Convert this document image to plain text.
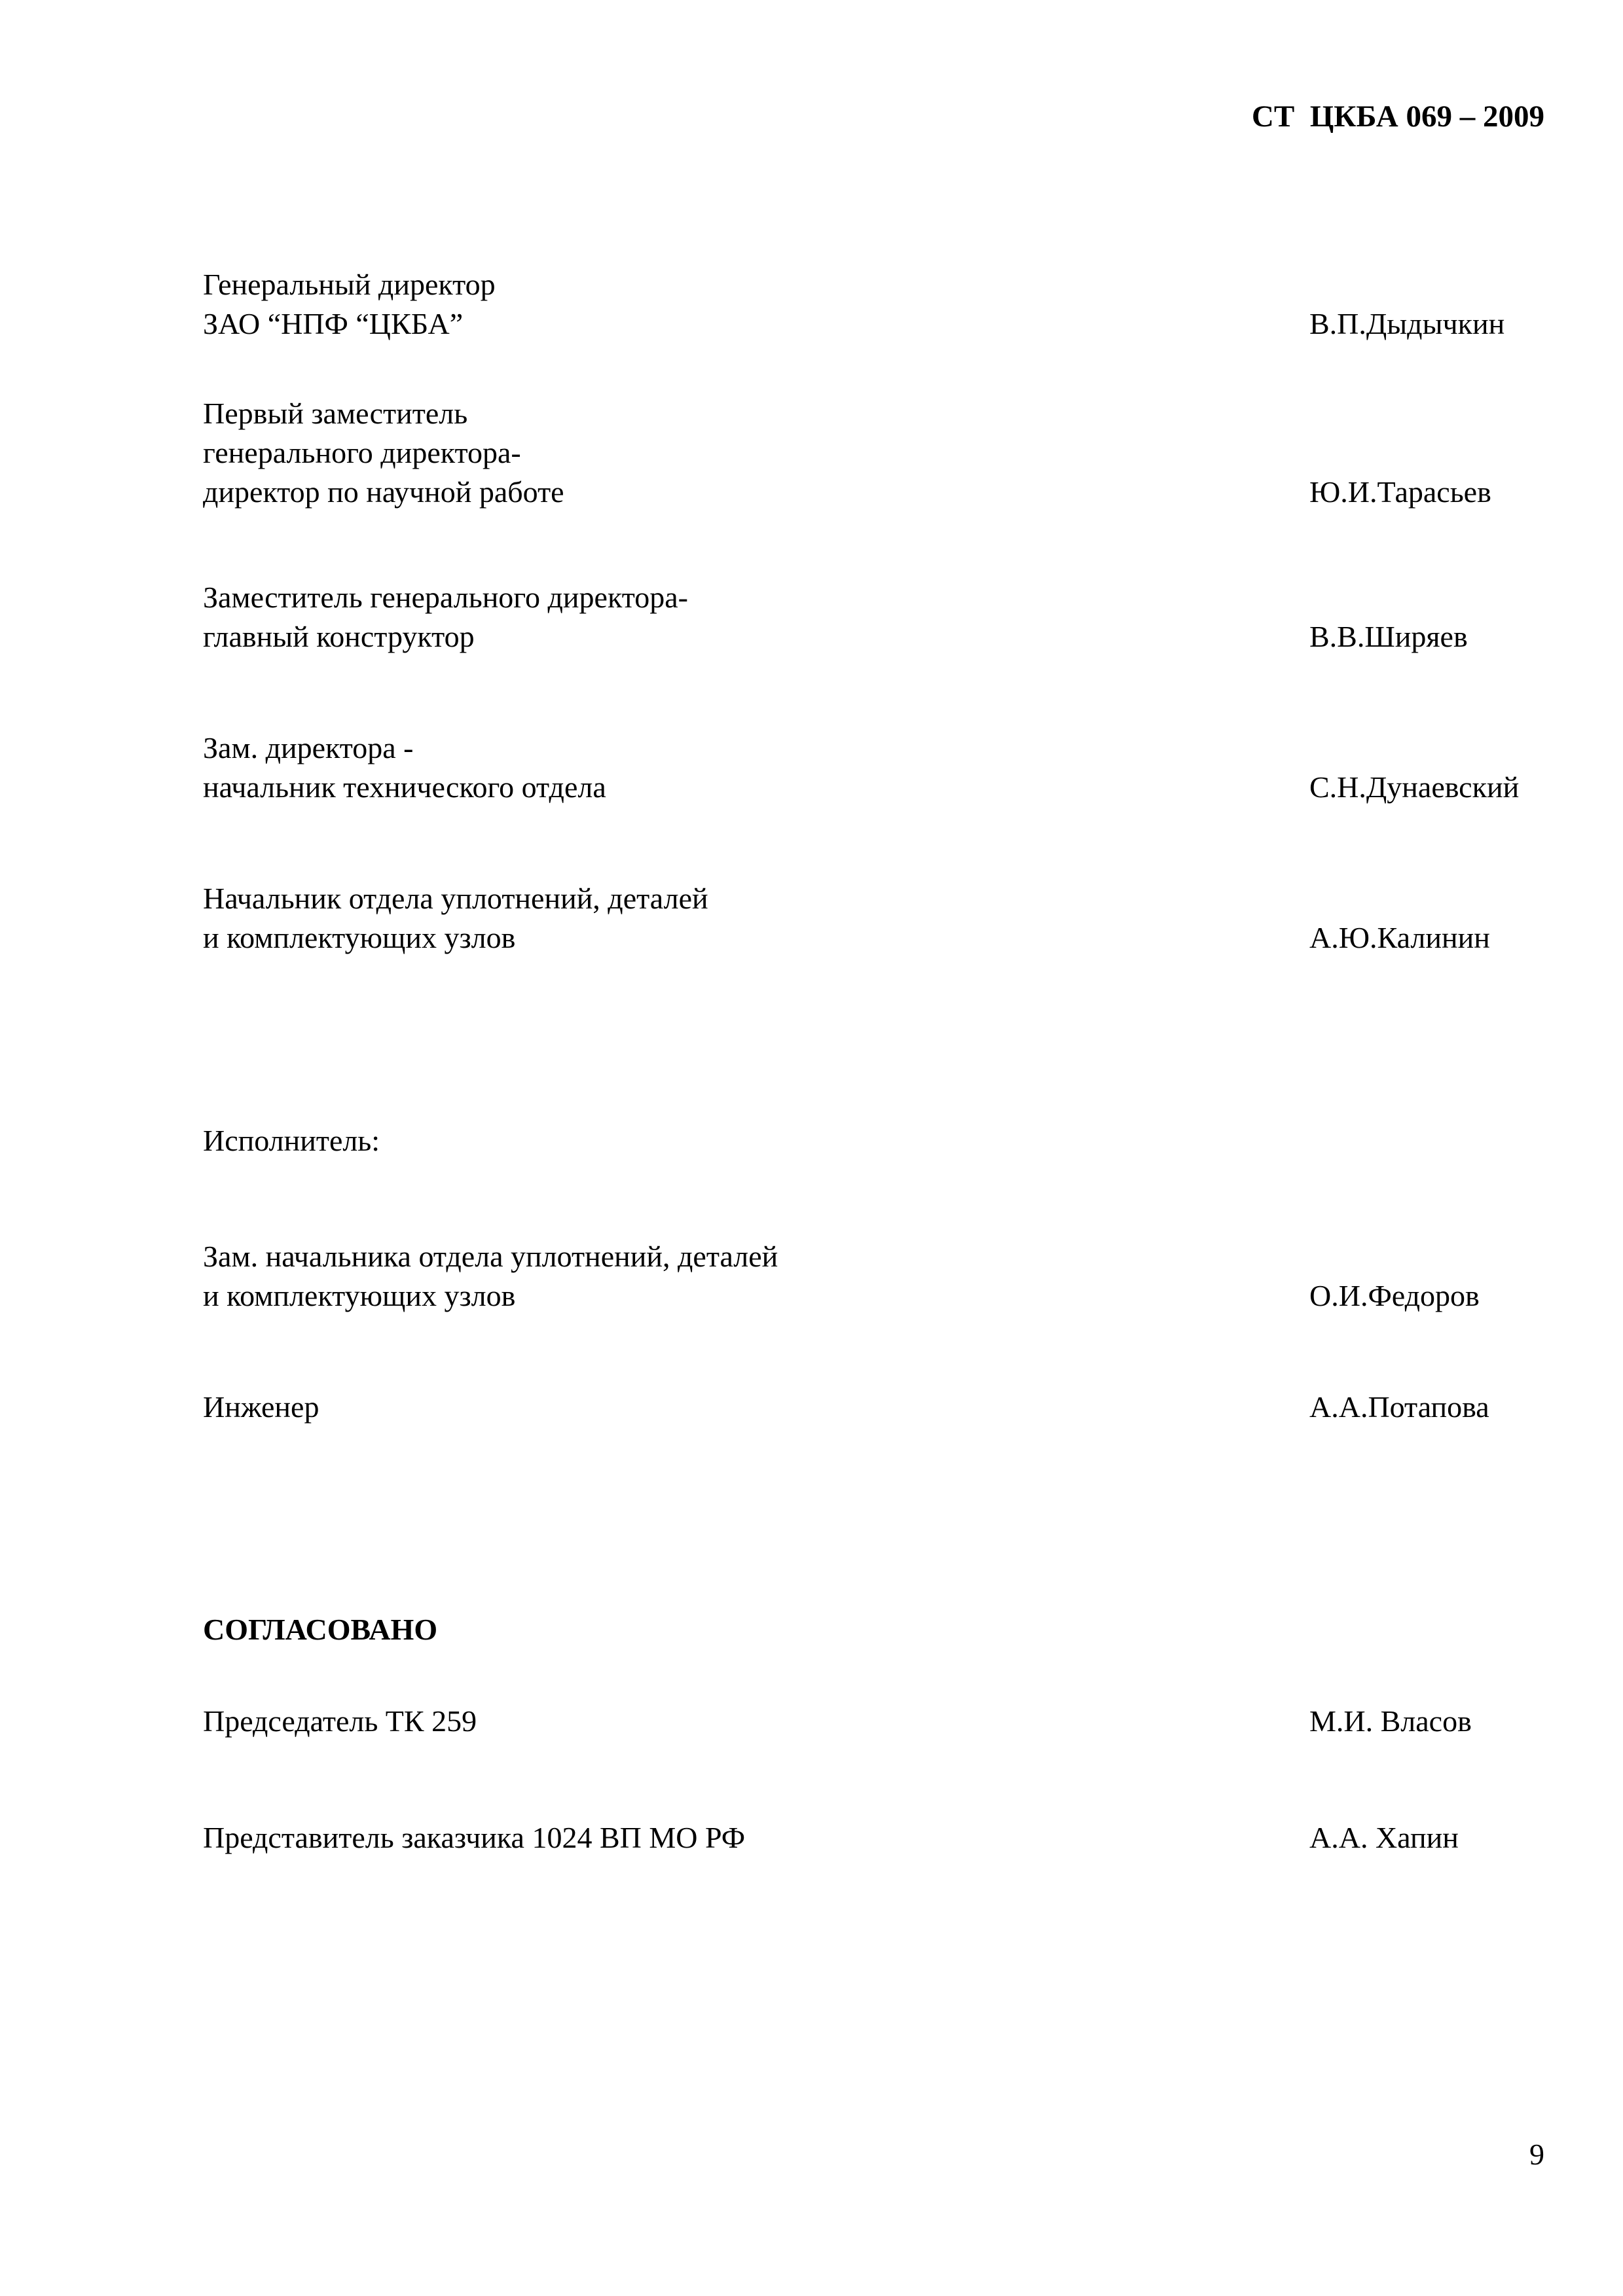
СТ  ЦКБА 069 – 2009
Генеральный директор
ЗАО “НПФ “ЦКБА”	В.П.Дыдычкин
Первый заместитель
генерального директора-
директор по научной работе	Ю.И.Тарасьев
Заместитель генерального директора-
главный конструктор	В.В.Ширяев
Зам. директора -
начальник технического отдела	С.Н.Дунаевский
Начальник отдела уплотнений, деталей
и комплектующих узлов	А.Ю.Калинин
Исполнитель:
Зам. начальника отдела уплотнений, деталей
и комплектующих узлов	О.И.Федоров
Инженер	А.А.Потапова
СОГЛАСОВАНО
Председатель ТК 259	М.И. Власов
Представитель заказчика 1024 ВП МО РФ	А.А. Хапин
9
